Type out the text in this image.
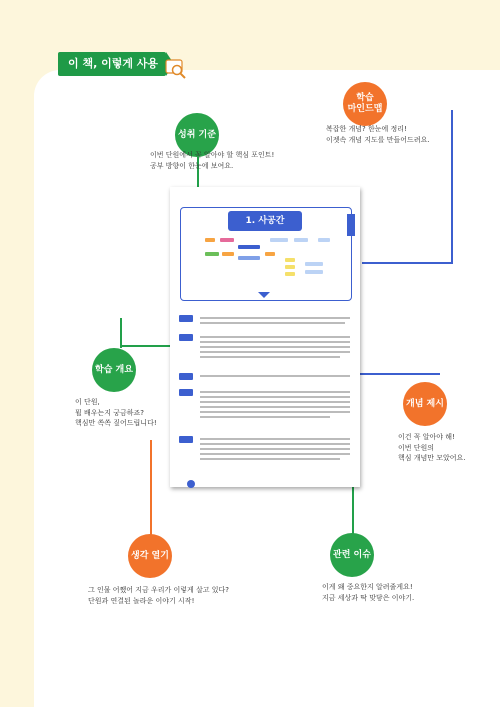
이 책, 이렇게 사용하세요!
성취 기준
이번 단원에서 꼭 알아야 할 핵심 포인트!
공부 방향이 한눈에 보여요.
학습
마인드맵
복잡한 개념? 한눈에 정리!
이젯속 개념 지도를 만들어드려요.
학습 개요
이 단원,
뭘 배우는지 궁금하죠?
핵심만 쏙쏙 짚어드립니다!
개념 제시
이건 꼭 알아야 해!
이번 단원의
핵심 개념만 모았어요.
생각 열기
그 인물 어쨌어 지금 우리가 이렇게 살고 있다?
단원과 연결된 놀라운 이야기 시작!
관련 이슈
이게 왜 중요한지 알려줄게요!
지금 세상과 딱 맞닿은 이야기.
1. 사공간
